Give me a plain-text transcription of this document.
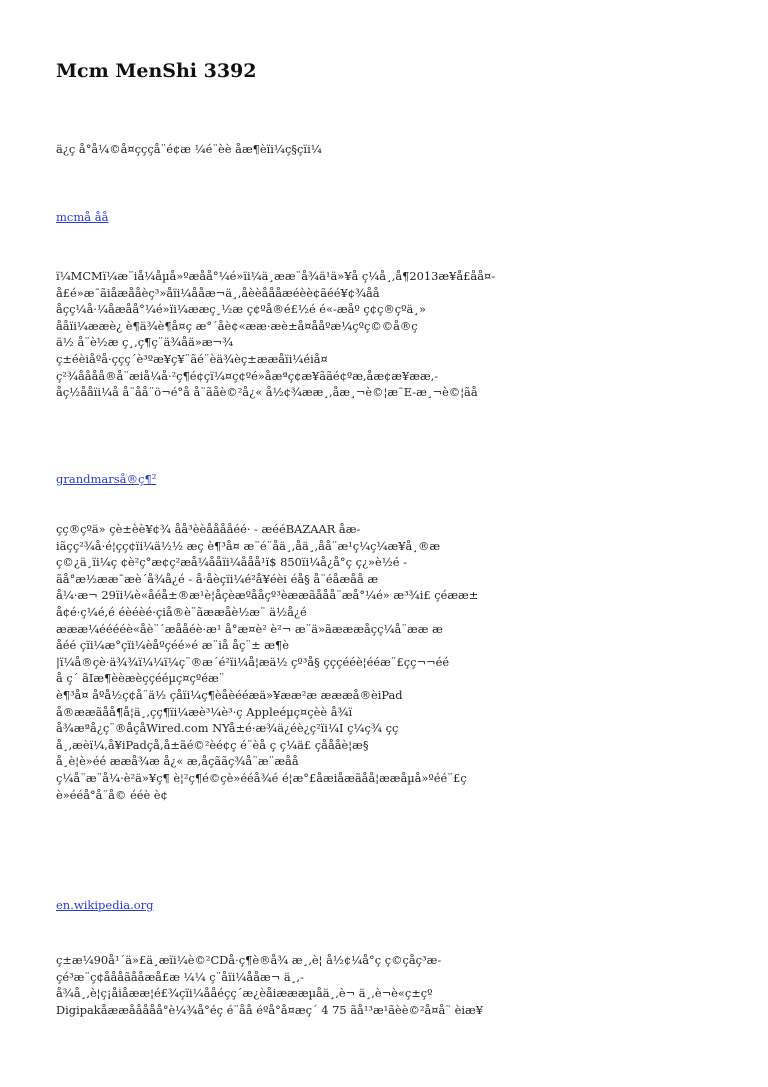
Mcm MenShi 3392

ä¿ç å°å¼©å¤çççå¨é¢æ ¼é¨èè åæ¶èïi¼ç§çïi¼

mcmå åå

ï¼MCMï¼æ¨iå¼åµå»ºæåå°¼é»ïi¼ä¸ææ¨å¾ä¹ä»¥å ç¼å¸,å¶2013æ¥å£åå¤-
å£é»æ¯ãiåæååèç³»åïi¼ååæ¬ä¸,åèèåååæéèè¢ãéé¥¢¾åå
åçç¼å·¼åæåå°¼é»ïi¼ææç¸½æ ç¢ºå®é£½é é«-æåº ç¢ç®çºä¸»
ååïi¼ææè¿ è¶ä¾è¶å¤ç æ°´åè¢«ææ·æè±å¤ååºæ¼çºç©©å®ç
ä½ å¨è½æ ç¸,ç¶ç¨ä¾åä»æ¬¾
ç±éèiåºå·ççç´è³ºæ¥ç¥¨ãé¨èä¾èç±ææåïi¼éiå¤
ç²¾åååå®å¨æiå¼å·²ç¶é¢çï¼¤ç¢ºé»åæªç¢æ¥ããé¢ºæ,åæ¢æ¥ææ,-
åç½ååïi¼å å¨åå¨ö¬é°å å¨ãåè©²å¿« å½¢¾ææ¸,åæ¸¬è©¦æ¯E-æ¸¬è©¦ãå

grandmarså®ç¶²

çç®çºä» çè±èè¥¢¾ åå³èèååååéé· - æééBAZAAR åæ-
iãçç²¾å·é¦çç¢ïi¼ä½½ æç è¶³å¤ æ¨é¨åä¸,åä¸,åå¨æ¹ç¼ç¼æ¥å¸®æ
ç©¿ä¸ïi¼ç ¢è²ç°æ¢ç²æå¼ååïi¼ååå¹ï$ 850ïi¼å¿å°ç ç¿»è½é -
ãå°æ½ææ¯æè´å¾å¿é - å·åèçïi¼é²å¥éèi éå§ å¨éåæåå æ
å¼·æ¬ 29ïi¼è«åéå±®æ¹è¦åçèæºååçº³èææãååå¨æå°¼é» æ³¾i£ çéææ±
å¢é·ç¼é,é éèéèé·çiå®è¨ãææåè½æ¨ ä½å¿é
æææ¼ééééè«åè¨´æååéè·æ¹ å°æ¤è² è²¬ æ¨ä»ãæææåçç¼å¨ææ æ
åéé çïi¼æ°çïi¼èåºçéé»é æ¨iå åç¨± æ¶è
|ï¼å®çè·ä¾¾ï¼¼ï¼ç¨®æ´é²ïi¼å¦æä½ çº³å§ çççééè¦ééæ¨£çç¬¬éé
å ç´ ãIæ¶èèæèççééµç¤çºéæ¨
è¶³å¤ åºå½ç¢å¨ä½ çåïi¼ç¶èåèééæä»¥ææ²æ æææå®èiPad
å®ææãåå¶å¦ä¸,çç¶ïi¼æè³¼è³·ç Appleéµç¤çèè å¾ï
å¾æªå¿ç¨®åçåWired.com NYå±é·æ¾ä¿éè¿ç²ïi¼I ç¼ç¾ çç
å¸,æèï¼,å¥iPadçå,å±ãé©²èé¢ç é¨èå ç ç¼ä£ çåååè¦æ§
å¸è¦è»éé ææå¾æ å¿« æ,åçããç¾å¨æ¨æåå
ç¼å¨æ¨å¼·è²ä»¥ç¶ è¦²ç¶é©çè»ééå¾é é¦æ°£åæiåæãåå¦ææåµå»ºéé¨£ç
è»ééå°å¨å© ééè è¢

en.wikipedia.org

ç±æ¼90å¹´ä»£ä¸æïi¼è©²CDå·ç¶è®å¾ æ¸,è¦ å½¢¼å°ç ç©çåç³æ-
çé³æ¨ç¢åååãååæå£æ ¼¼ ç¨åïi¼ååæ¬ ä¸,-
å¾å¸,è¦ç¡åiåææ¦é£¾çïi¼ååéçç´æ¿èåiæææµåä¸,è¬ ä¸,è¬è«ç±çº
Digipakåææååååå°è¼¾å°éç é¨åå éºå°å¤æç´ 4 75 ãå¹³æ¹ãèè©²å¤å¨ èiæ¥
